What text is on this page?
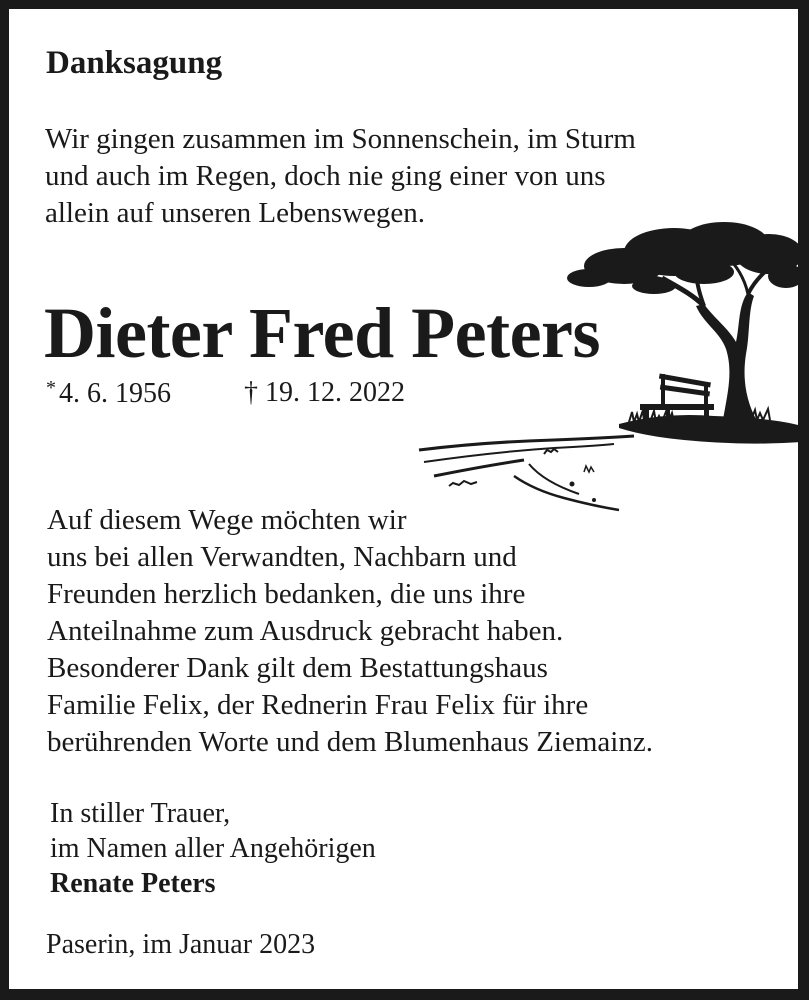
Danksagung
Wir gingen zusammen im Sonnenschein, im Sturm
und auch im Regen, doch nie ging einer von uns
allein auf unseren Lebenswegen.
Dieter Fred Peters
* 4. 6. 1956	† 19. 12. 2022
Auf diesem Wege möchten wir
uns bei allen Verwandten, Nachbarn und
Freunden herzlich bedanken, die uns ihre
Anteilnahme zum Ausdruck gebracht haben.
Besonderer Dank gilt dem Bestattungshaus
Familie Felix, der Rednerin Frau Felix für ihre
berührenden Worte und dem Blumenhaus Ziemainz.
In stiller Trauer,
im Namen aller Angehörigen
Renate Peters
Paserin, im Januar 2023
